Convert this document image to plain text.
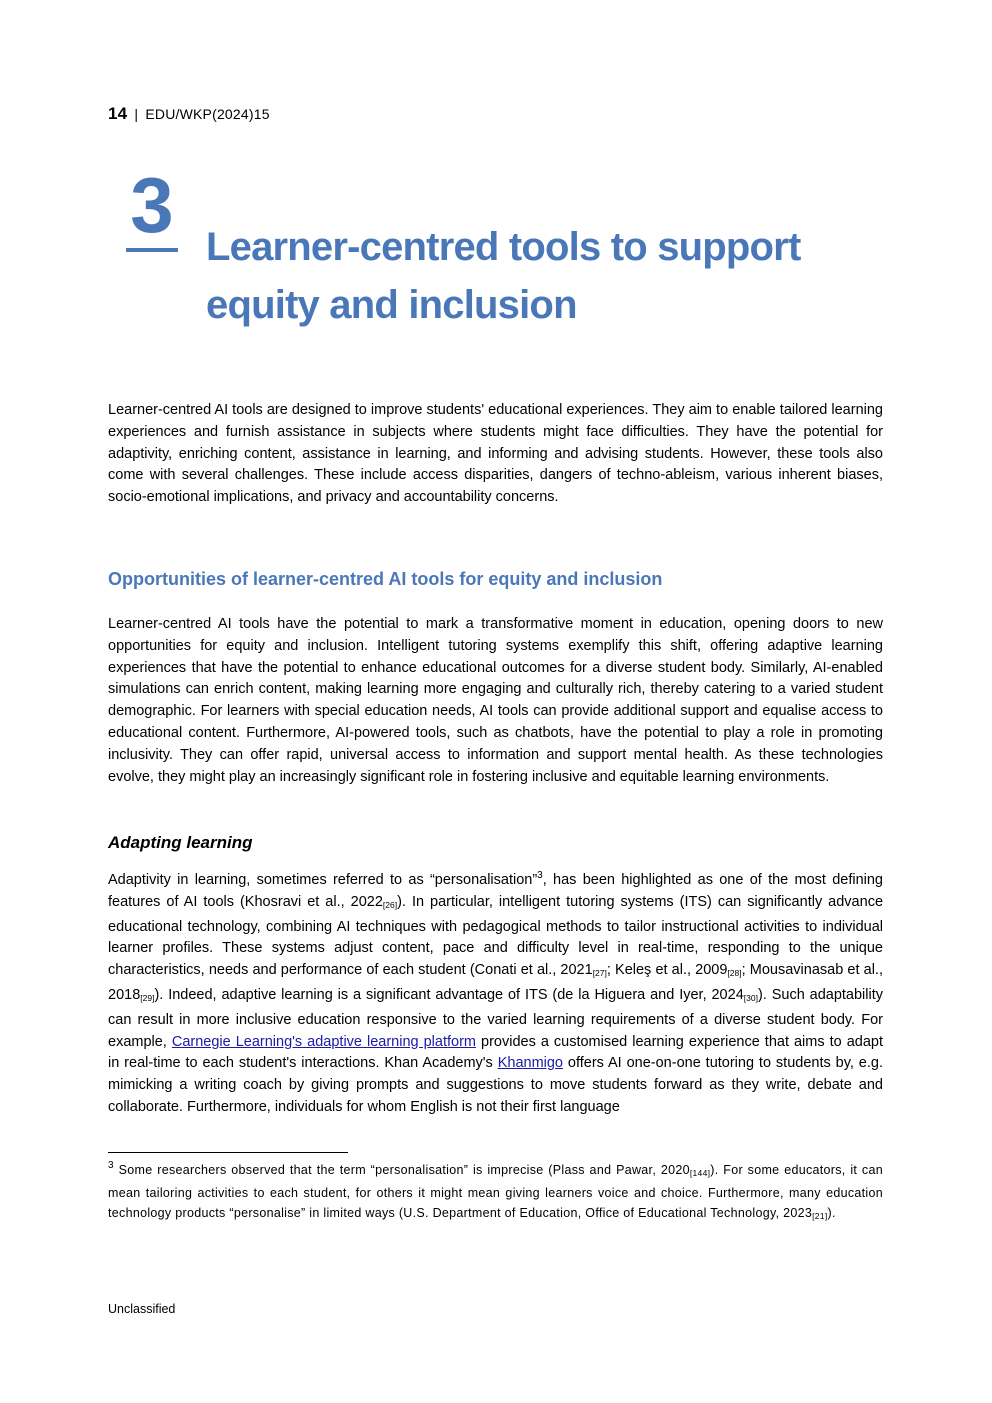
14 | EDU/WKP(2024)15
3 Learner-centred tools to support
equity and inclusion
Learner-centred AI tools are designed to improve students' educational experiences. They aim to enable tailored learning experiences and furnish assistance in subjects where students might face difficulties. They have the potential for adaptivity, enriching content, assistance in learning, and informing and advising students. However, these tools also come with several challenges. These include access disparities, dangers of techno-ableism, various inherent biases, socio-emotional implications, and privacy and accountability concerns.
Opportunities of learner-centred AI tools for equity and inclusion
Learner-centred AI tools have the potential to mark a transformative moment in education, opening doors to new opportunities for equity and inclusion. Intelligent tutoring systems exemplify this shift, offering adaptive learning experiences that have the potential to enhance educational outcomes for a diverse student body. Similarly, AI-enabled simulations can enrich content, making learning more engaging and culturally rich, thereby catering to a varied student demographic. For learners with special education needs, AI tools can provide additional support and equalise access to educational content. Furthermore, AI-powered tools, such as chatbots, have the potential to play a role in promoting inclusivity. They can offer rapid, universal access to information and support mental health. As these technologies evolve, they might play an increasingly significant role in fostering inclusive and equitable learning environments.
Adapting learning
Adaptivity in learning, sometimes referred to as “personalisation”$^3$, has been highlighted as one of the most defining features of AI tools (Khosravi et al., $2022_{[26]}$). In particular, intelligent tutoring systems (ITS) can significantly advance educational technology, combining AI techniques with pedagogical methods to tailor instructional activities to individual learner profiles. These systems adjust content, pace and difficulty level in real-time, responding to the unique characteristics, needs and performance of each student (Conati et al., $2021_{[27]}$; Keleş et al., $2009_{[28]}$; Mousavinasab et al., $2018_{[29]}$). Indeed, adaptive learning is a significant advantage of ITS (de la Higuera and Iyer, $2024_{[30]}$). Such adaptability can result in more inclusive education responsive to the varied learning requirements of a diverse student body. For example, Carnegie Learning's adaptive learning platform provides a customised learning experience that aims to adapt in real-time to each student's interactions. Khan Academy's Khanmigo offers AI one-on-one tutoring to students by, e.g. mimicking a writing coach by giving prompts and suggestions to move students forward as they write, debate and collaborate. Furthermore, individuals for whom English is not their first language
$^3$ Some researchers observed that the term “personalisation” is imprecise (Plass and Pawar, $2020_{[144]}$). For some educators, it can mean tailoring activities to each student, for others it might mean giving learners voice and choice. Furthermore, many education technology products “personalise” in limited ways (U.S. Department of Education, Office of Educational Technology, $2023_{[21]}$).
Unclassified
